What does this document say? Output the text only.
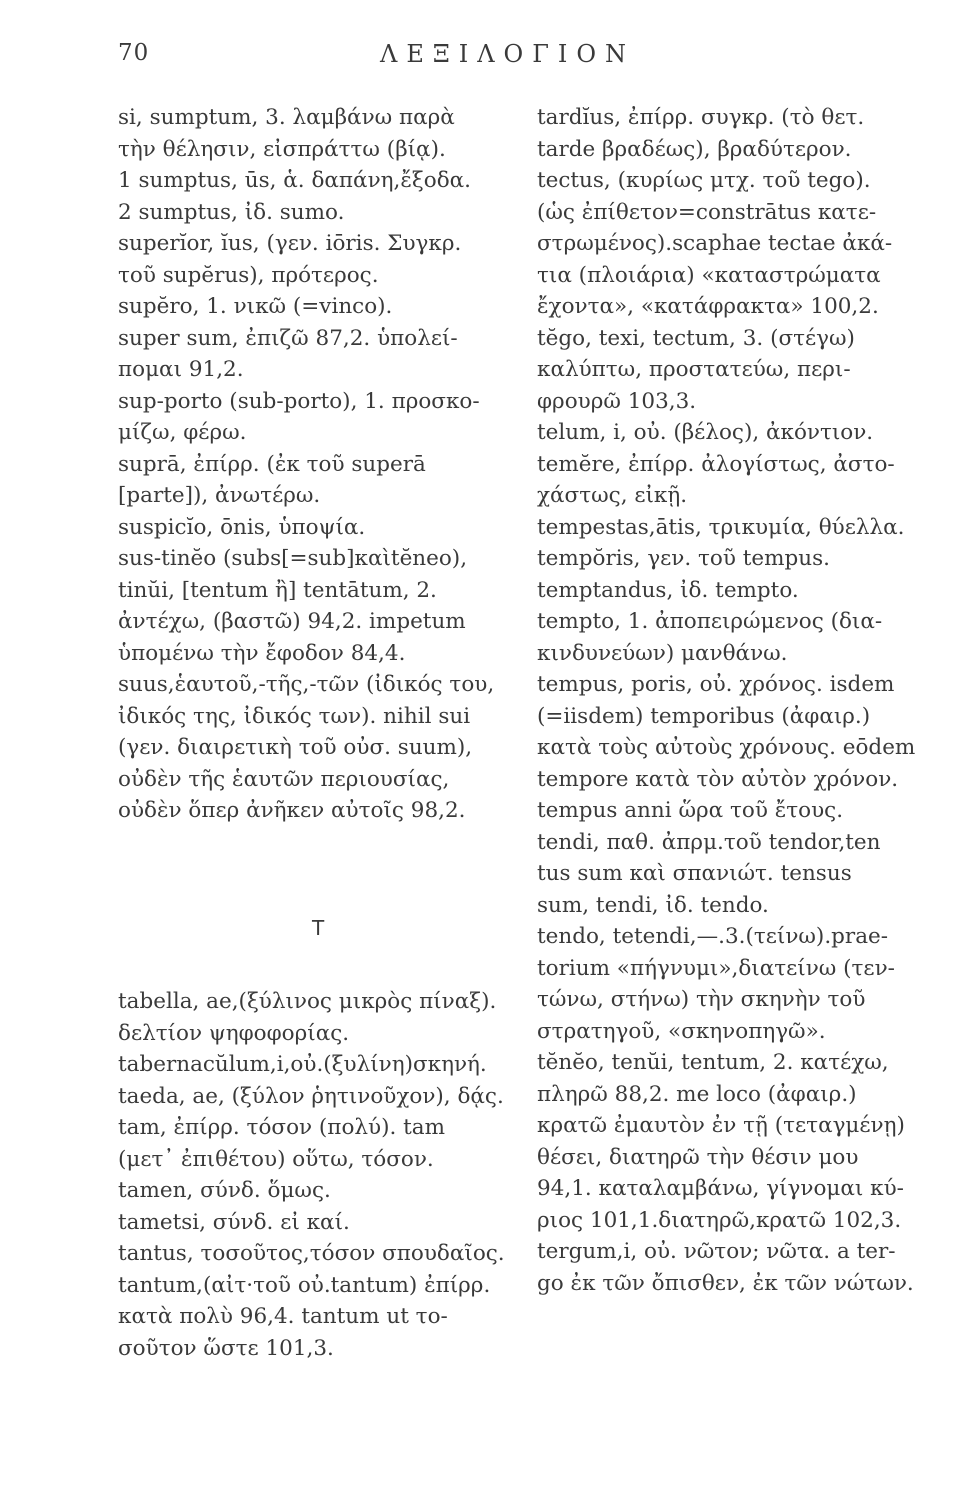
70	ΛΕΞΙΛΟΓΙΟΝ
si, sumptum, 3. λαμβάνω παρὰ
τὴν θέλησιν, εἰσπράττω (βίᾳ).
1 sumptus, ūs, ἁ. δαπάνη,ἔξοδα.
2 sumptus, ἰδ. sumo.
superĭor, ĭus, (γεν. iōris. Συγκρ.
τοῦ supĕrus), πρότερος.
supĕro, 1. νικῶ (=vinco).
super sum, ἐπιζῶ 87,2. ὑπολεί-
πομαι 91,2.
sup-porto (sub-porto), 1. προσκο-
μίζω, φέρω.
suprā, ἐπίρρ. (ἐκ τοῦ superā
[parte]), ἀνωτέρω.
suspicĭo, ōnis, ὑποψία.
sus-tinĕo (subs[=sub]καὶtĕneo),
tinŭi, [tentum ἢ] tentātum, 2.
ἀντέχω, (βαστῶ) 94,2. impetum
ὑπομένω τὴν ἔφοδον 84,4.
suus,ἑαυτοῦ,-τῆς,-τῶν (ἰδικός του,
ἰδικός της, ἰδικός των). nihil sui
(γεν. διαιρετικὴ τοῦ οὐσ. suum),
οὐδὲν τῆς ἑαυτῶν περιουσίας,
οὐδὲν ὅπερ ἀνῆκεν αὐτοῖς 98,2.
T
tabella, ae,(ξύλινος μικρὸς πίναξ).
δελτίον ψηφοφορίας.
tabernacŭlum,i,οὐ.(ξυλίνη)σκηνή.
taeda, ae, (ξύλον ῥητινοῦχον), δᾴς.
tam, ἐπίρρ. τόσον (πολύ). tam
(μετ᾽ ἐπιθέτου) οὕτω, τόσον.
tamen, σύνδ. ὅμως.
tametsi, σύνδ. εἰ καί.
tantus, τοσοῦτος,τόσον σπουδαῖος.
tantum,(αἰτ·τοῦ οὐ.tantum) ἐπίρρ.
κατὰ πολὺ 96,4. tantum ut το-
σοῦτον ὥστε 101,3.
tardĭus, ἐπίρρ. συγκρ. (τὸ θετ.
tarde βραδέως), βραδύτερον.
tectus, (κυρίως μτχ. τοῦ tego).
(ὡς ἐπίθετον=constrātus κατε-
στρωμένος).scaphae tectae ἀκά-
τια (πλοιάρια) «καταστρώματα
ἔχοντα», «κατάφρακτα» 100,2.
tĕgo, texi, tectum, 3. (στέγω)
καλύπτω, προστατεύω, περι-
φρουρῶ 103,3.
telum, i, οὐ. (βέλος), ἀκόντιον.
temĕre, ἐπίρρ. ἀλογίστως, ἀστο-
χάστως, εἰκῇ.
tempestas,ātis, τρικυμία, θύελλα.
tempŏris, γεν. τοῦ tempus.
temptandus, ἰδ. tempto.
tempto, 1. ἀποπειρώμενος (δια-
κινδυνεύων) μανθάνω.
tempus, poris, οὐ. χρόνος. isdem
(=iisdem) temporibus (ἀφαιρ.)
κατὰ τοὺς αὐτοὺς χρόνους. eōdem
tempore κατὰ τὸν αὐτὸν χρόνον.
tempus anni ὥρα τοῦ ἔτους.
tendi, παθ. ἀπρμ.τοῦ tendor,ten
tus sum καὶ σπανιώτ. tensus
sum, tendi, ἰδ. tendo.
tendo, tetendi,—.3.(τείνω).prae-
torium «πήγνυμι»,διατείνω (τεν-
τώνω, στήνω) τὴν σκηνὴν τοῦ
στρατηγοῦ, «σκηνοπηγῶ».
tĕnĕo, tenŭi, tentum, 2. κατέχω,
πληρῶ 88,2. me loco (ἀφαιρ.)
κρατῶ ἐμαυτὸν ἐν τῇ (τεταγμένῃ)
θέσει, διατηρῶ τὴν θέσιν μου
94,1. καταλαμβάνω, γίγνομαι κύ-
ριος 101,1.διατηρῶ,κρατῶ 102,3.
tergum,i, οὐ. νῶτον; νῶτα. a ter-
go ἐκ τῶν ὄπισθεν, ἐκ τῶν νώτων.
